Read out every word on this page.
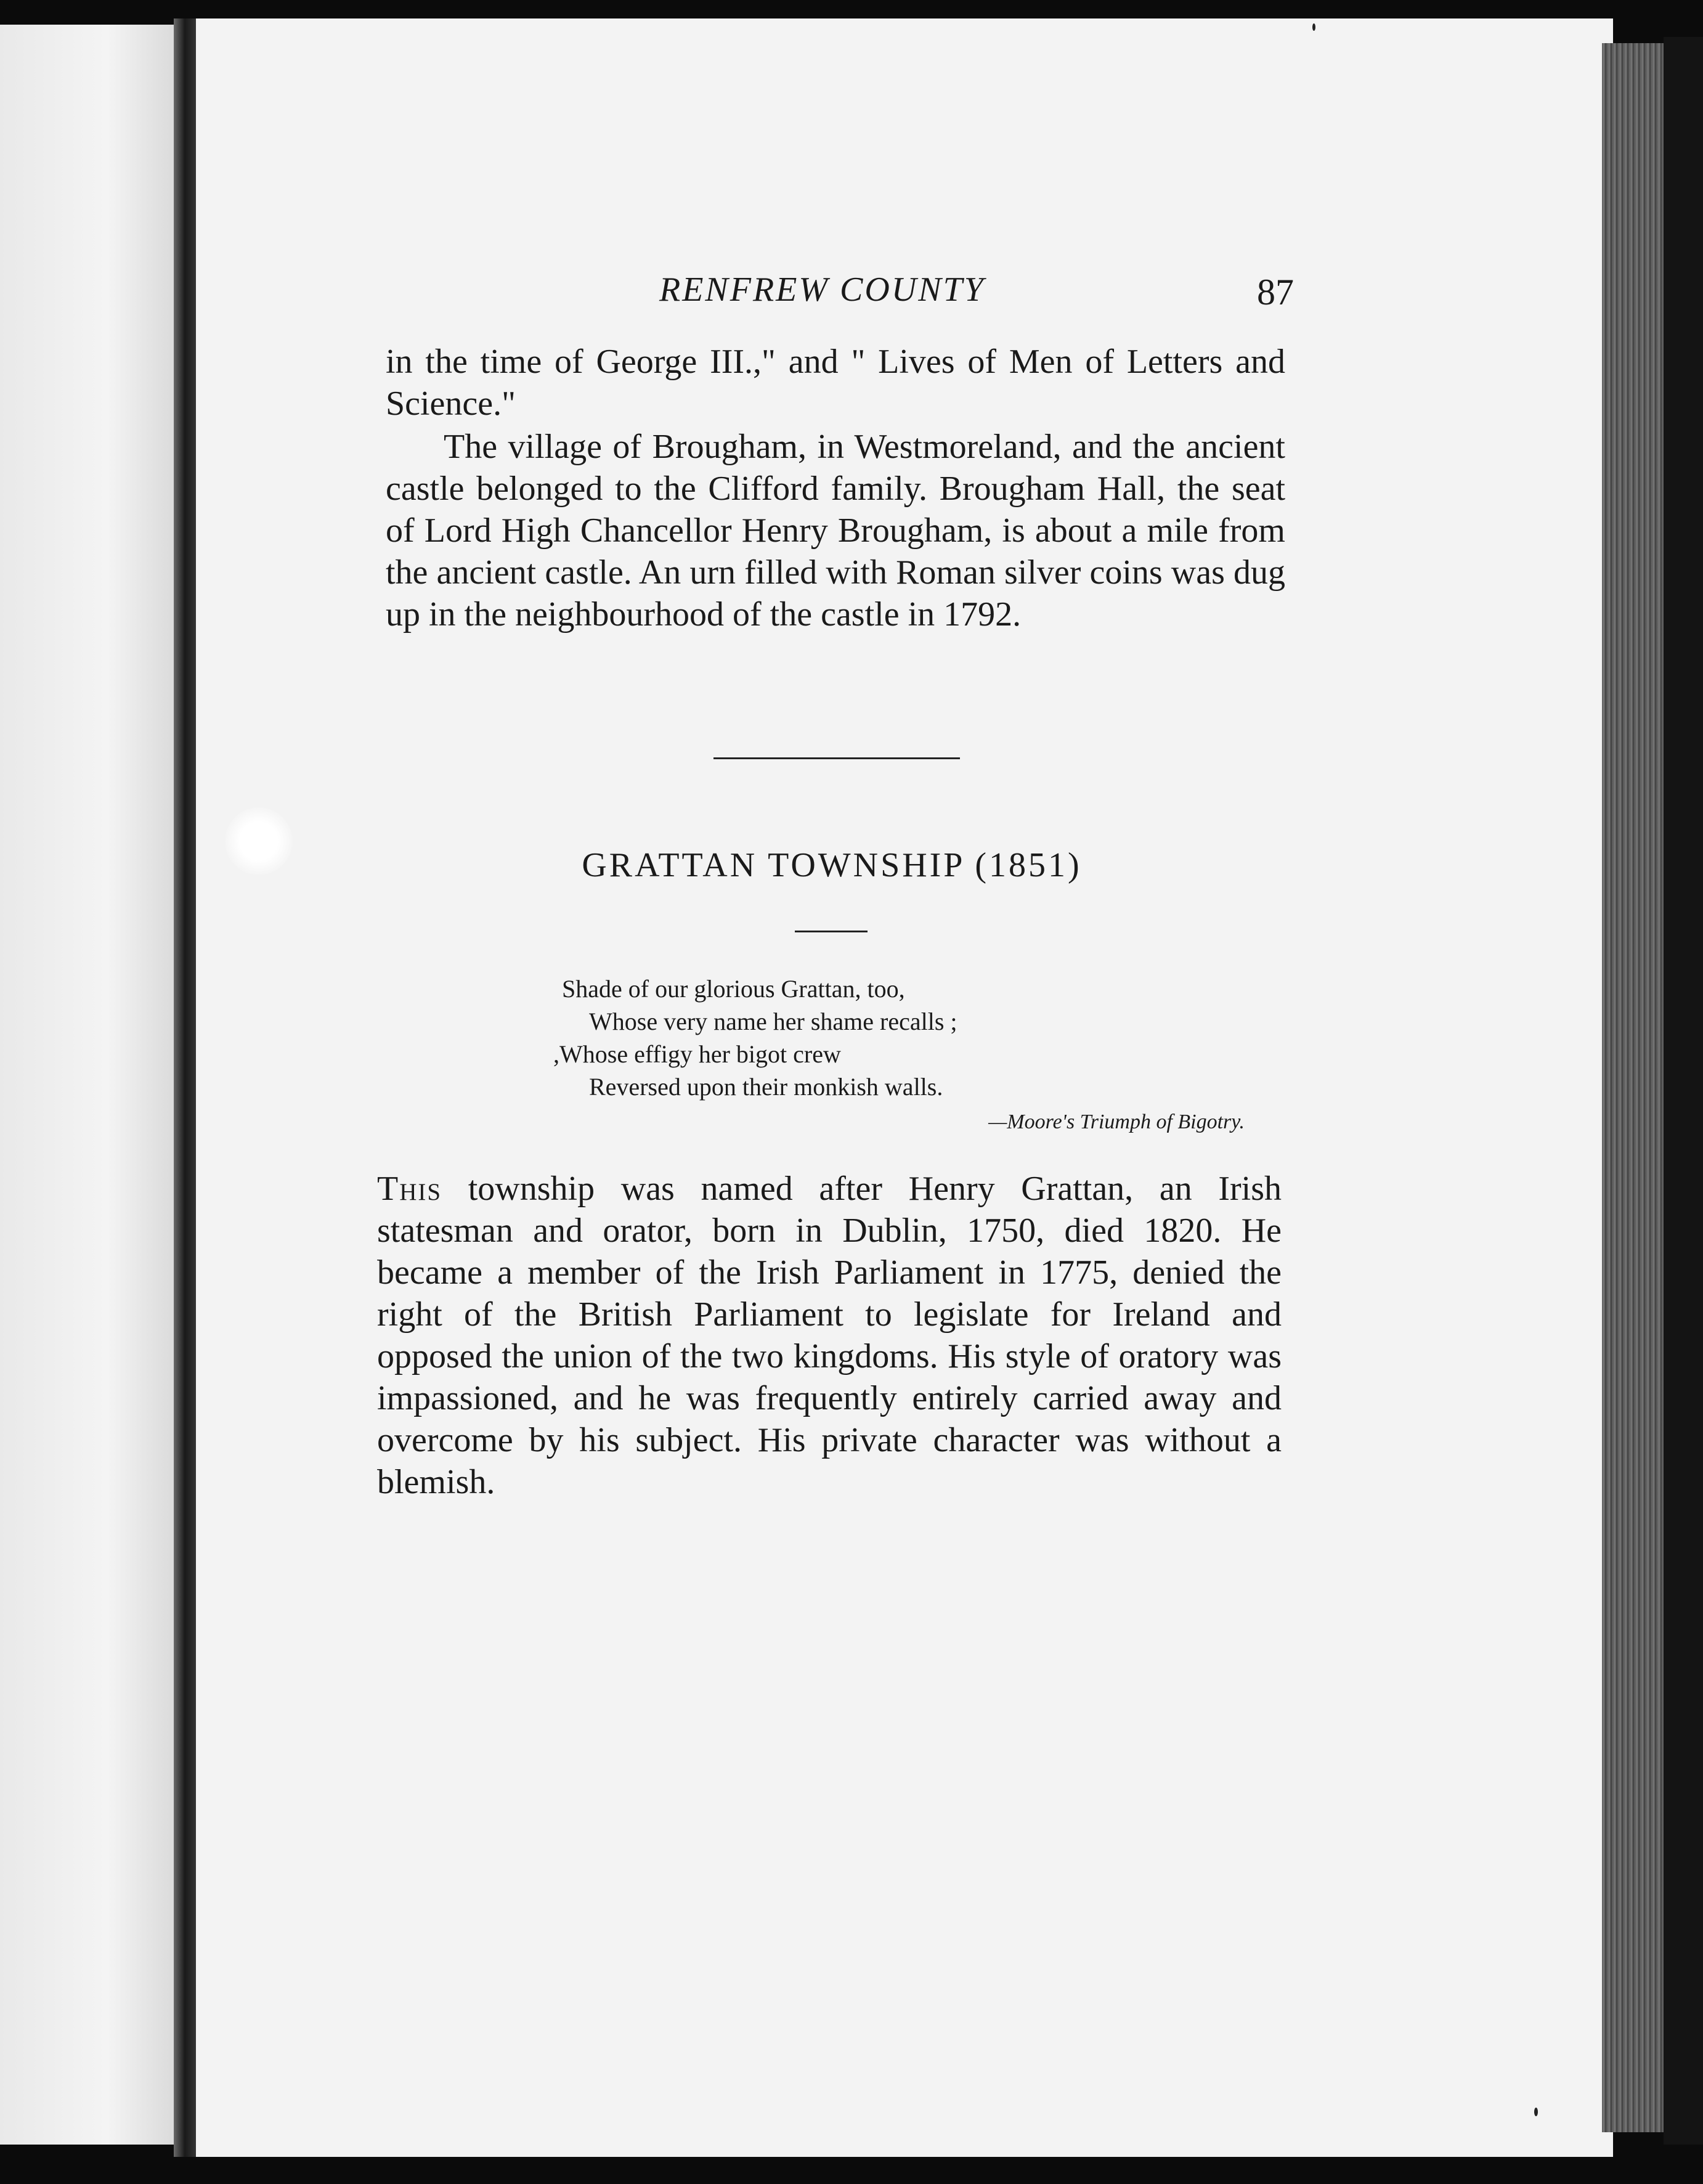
RENFREW COUNTY	87
in the time of George III.," and " Lives of Men of Letters and Science."
The village of Brougham, in Westmoreland, and the ancient castle belonged to the Clifford family. Brougham Hall, the seat of Lord High Chancellor Henry Brougham, is about a mile from the ancient castle. An urn filled with Roman silver coins was dug up in the neighbourhood of the castle in 1792.
GRATTAN TOWNSHIP (1851)
Shade of our glorious Grattan, too,
Whose very name her shame recalls ;
,Whose effigy her bigot crew
Reversed upon their monkish walls.
—Moore's Triumph of Bigotry.
This township was named after Henry Grattan, an Irish statesman and orator, born in Dublin, 1750, died 1820. He became a member of the Irish Parliament in 1775, denied the right of the British Parliament to legislate for Ireland and opposed the union of the two kingdoms. His style of oratory was impassioned, and he was frequently entirely carried away and overcome by his subject. His private character was without a blemish.
